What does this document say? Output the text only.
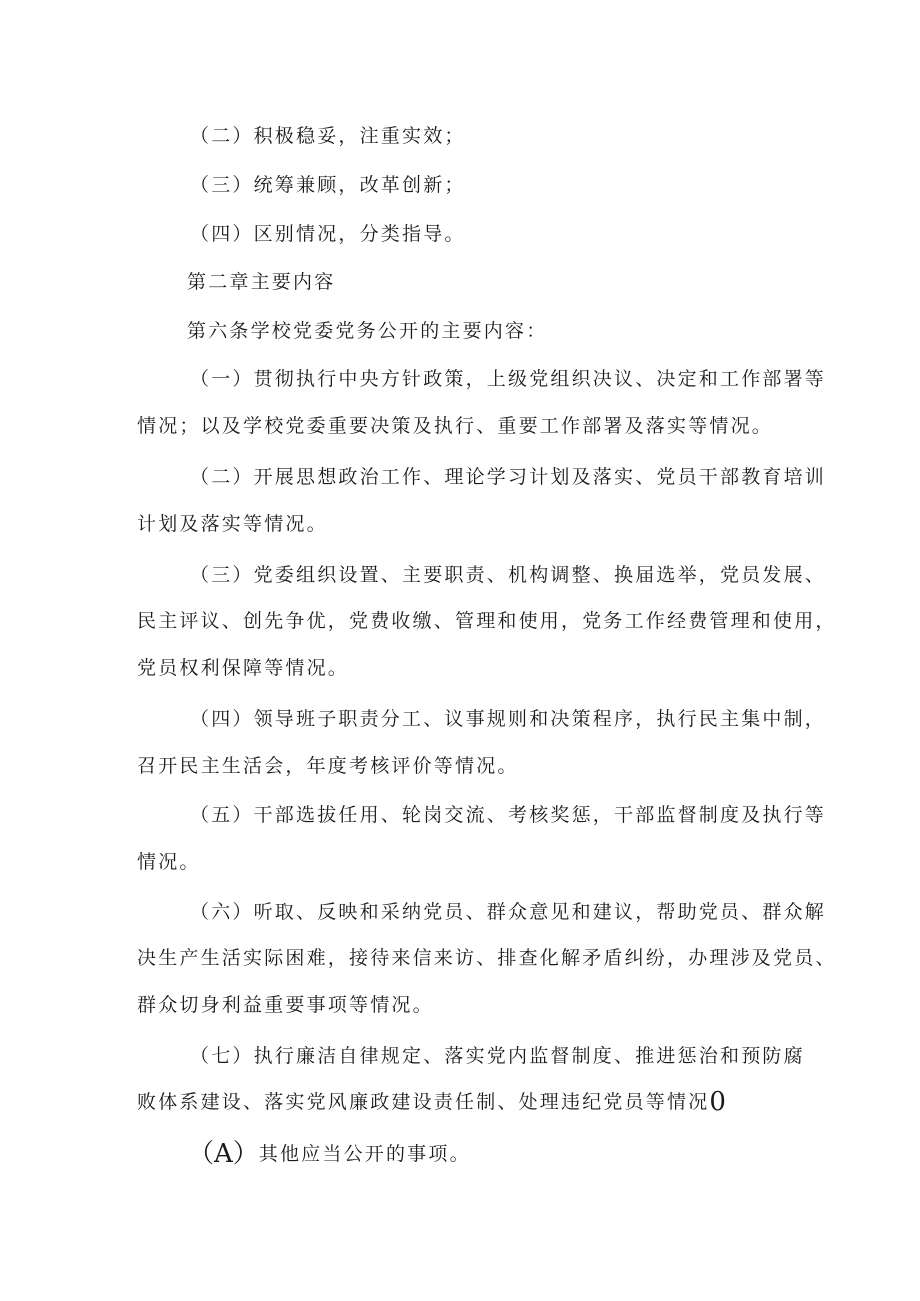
（二）积极稳妥，注重实效；
（三）统筹兼顾，改革创新；
（四）区别情况，分类指导。
第二章主要内容
第六条学校党委党务公开的主要内容：
（一）贯彻执行中央方针政策，上级党组织决议、决定和工作部署等
情况；以及学校党委重要决策及执行、重要工作部署及落实等情况。
（二）开展思想政治工作、理论学习计划及落实、党员干部教育培训
计划及落实等情况。
（三）党委组织设置、主要职责、机构调整、换届选举，党员发展、
民主评议、创先争优，党费收缴、管理和使用，党务工作经费管理和使用，
党员权利保障等情况。
（四）领导班子职责分工、议事规则和决策程序，执行民主集中制，
召开民主生活会，年度考核评价等情况。
（五）干部选拔任用、轮岗交流、考核奖惩，干部监督制度及执行等
情况。
（六）听取、反映和采纳党员、群众意见和建议，帮助党员、群众解
决生产生活实际困难，接待来信来访、排查化解矛盾纠纷，办理涉及党员、
群众切身利益重要事项等情况。
（七）执行廉洁自律规定、落实党内监督制度、推进惩治和预防腐
败体系建设、落实党风廉政建设责任制、处理违纪党员等情况0
（A）其他应当公开的事项。
